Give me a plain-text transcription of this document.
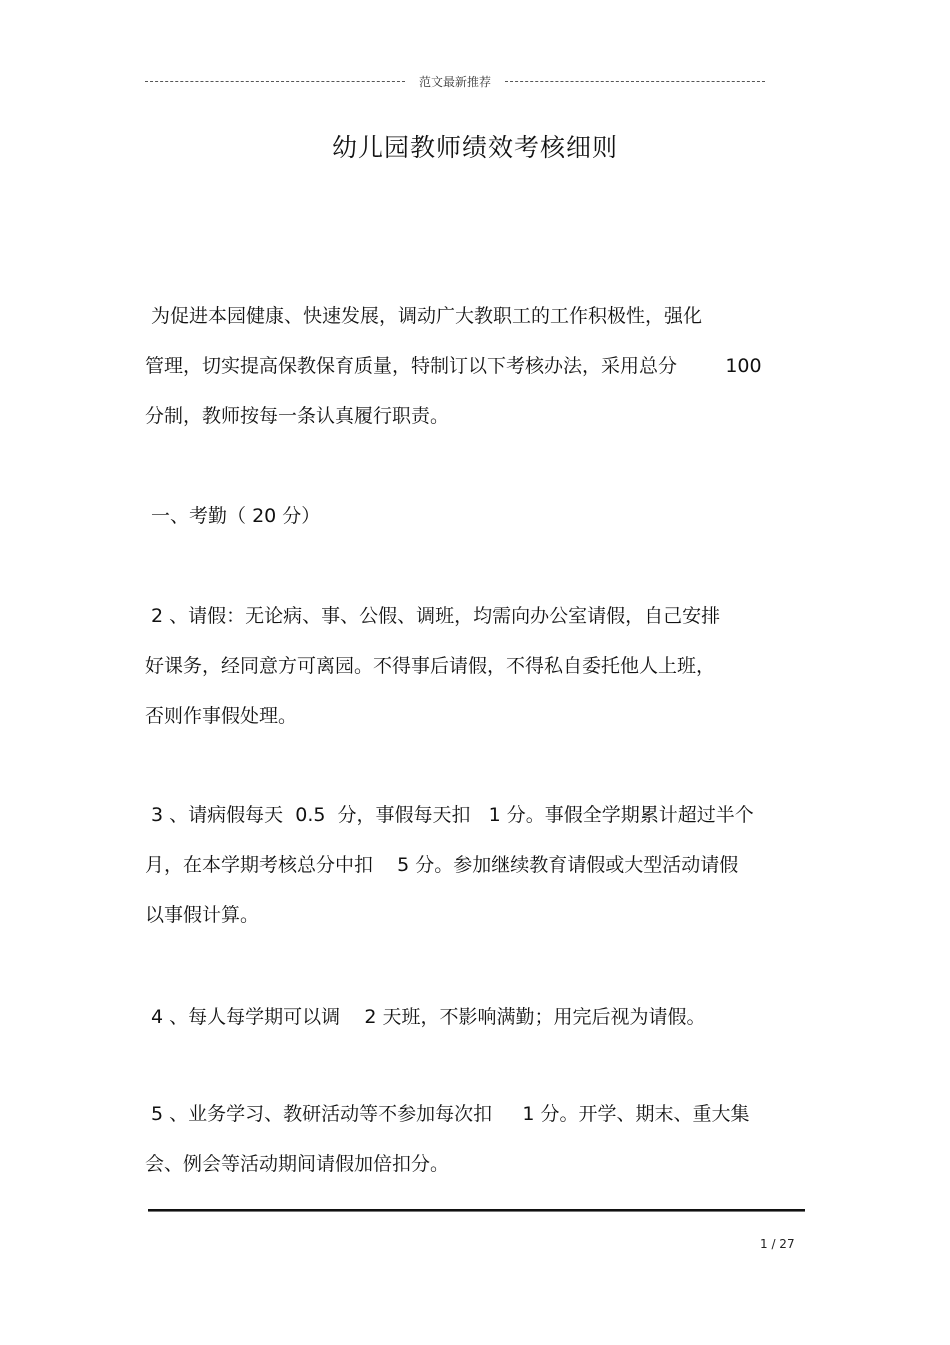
范文最新推荐
幼儿园教师绩效考核细则
为促进本园健康、快速发展，调动广大教职工的工作积极性，强化
管理，切实提高保教保育质量，特制订以下考核办法，采用总分        100
分制，教师按每一条认真履行职责。
一、考勤（ 20 分）
2 、请假：无论病、事、公假、调班，均需向办公室请假，自己安排
好课务，经同意方可离园。不得事后请假，不得私自委托他人上班，
否则作事假处理。
3 、请病假每天  0.5  分，事假每天扣   1 分。事假全学期累计超过半个
月，在本学期考核总分中扣    5 分。参加继续教育请假或大型活动请假
以事假计算。
4 、每人每学期可以调    2 天班，不影响满勤；用完后视为请假。
5 、业务学习、教研活动等不参加每次扣     1 分。开学、期末、重大集
会、例会等活动期间请假加倍扣分。
1 / 27
